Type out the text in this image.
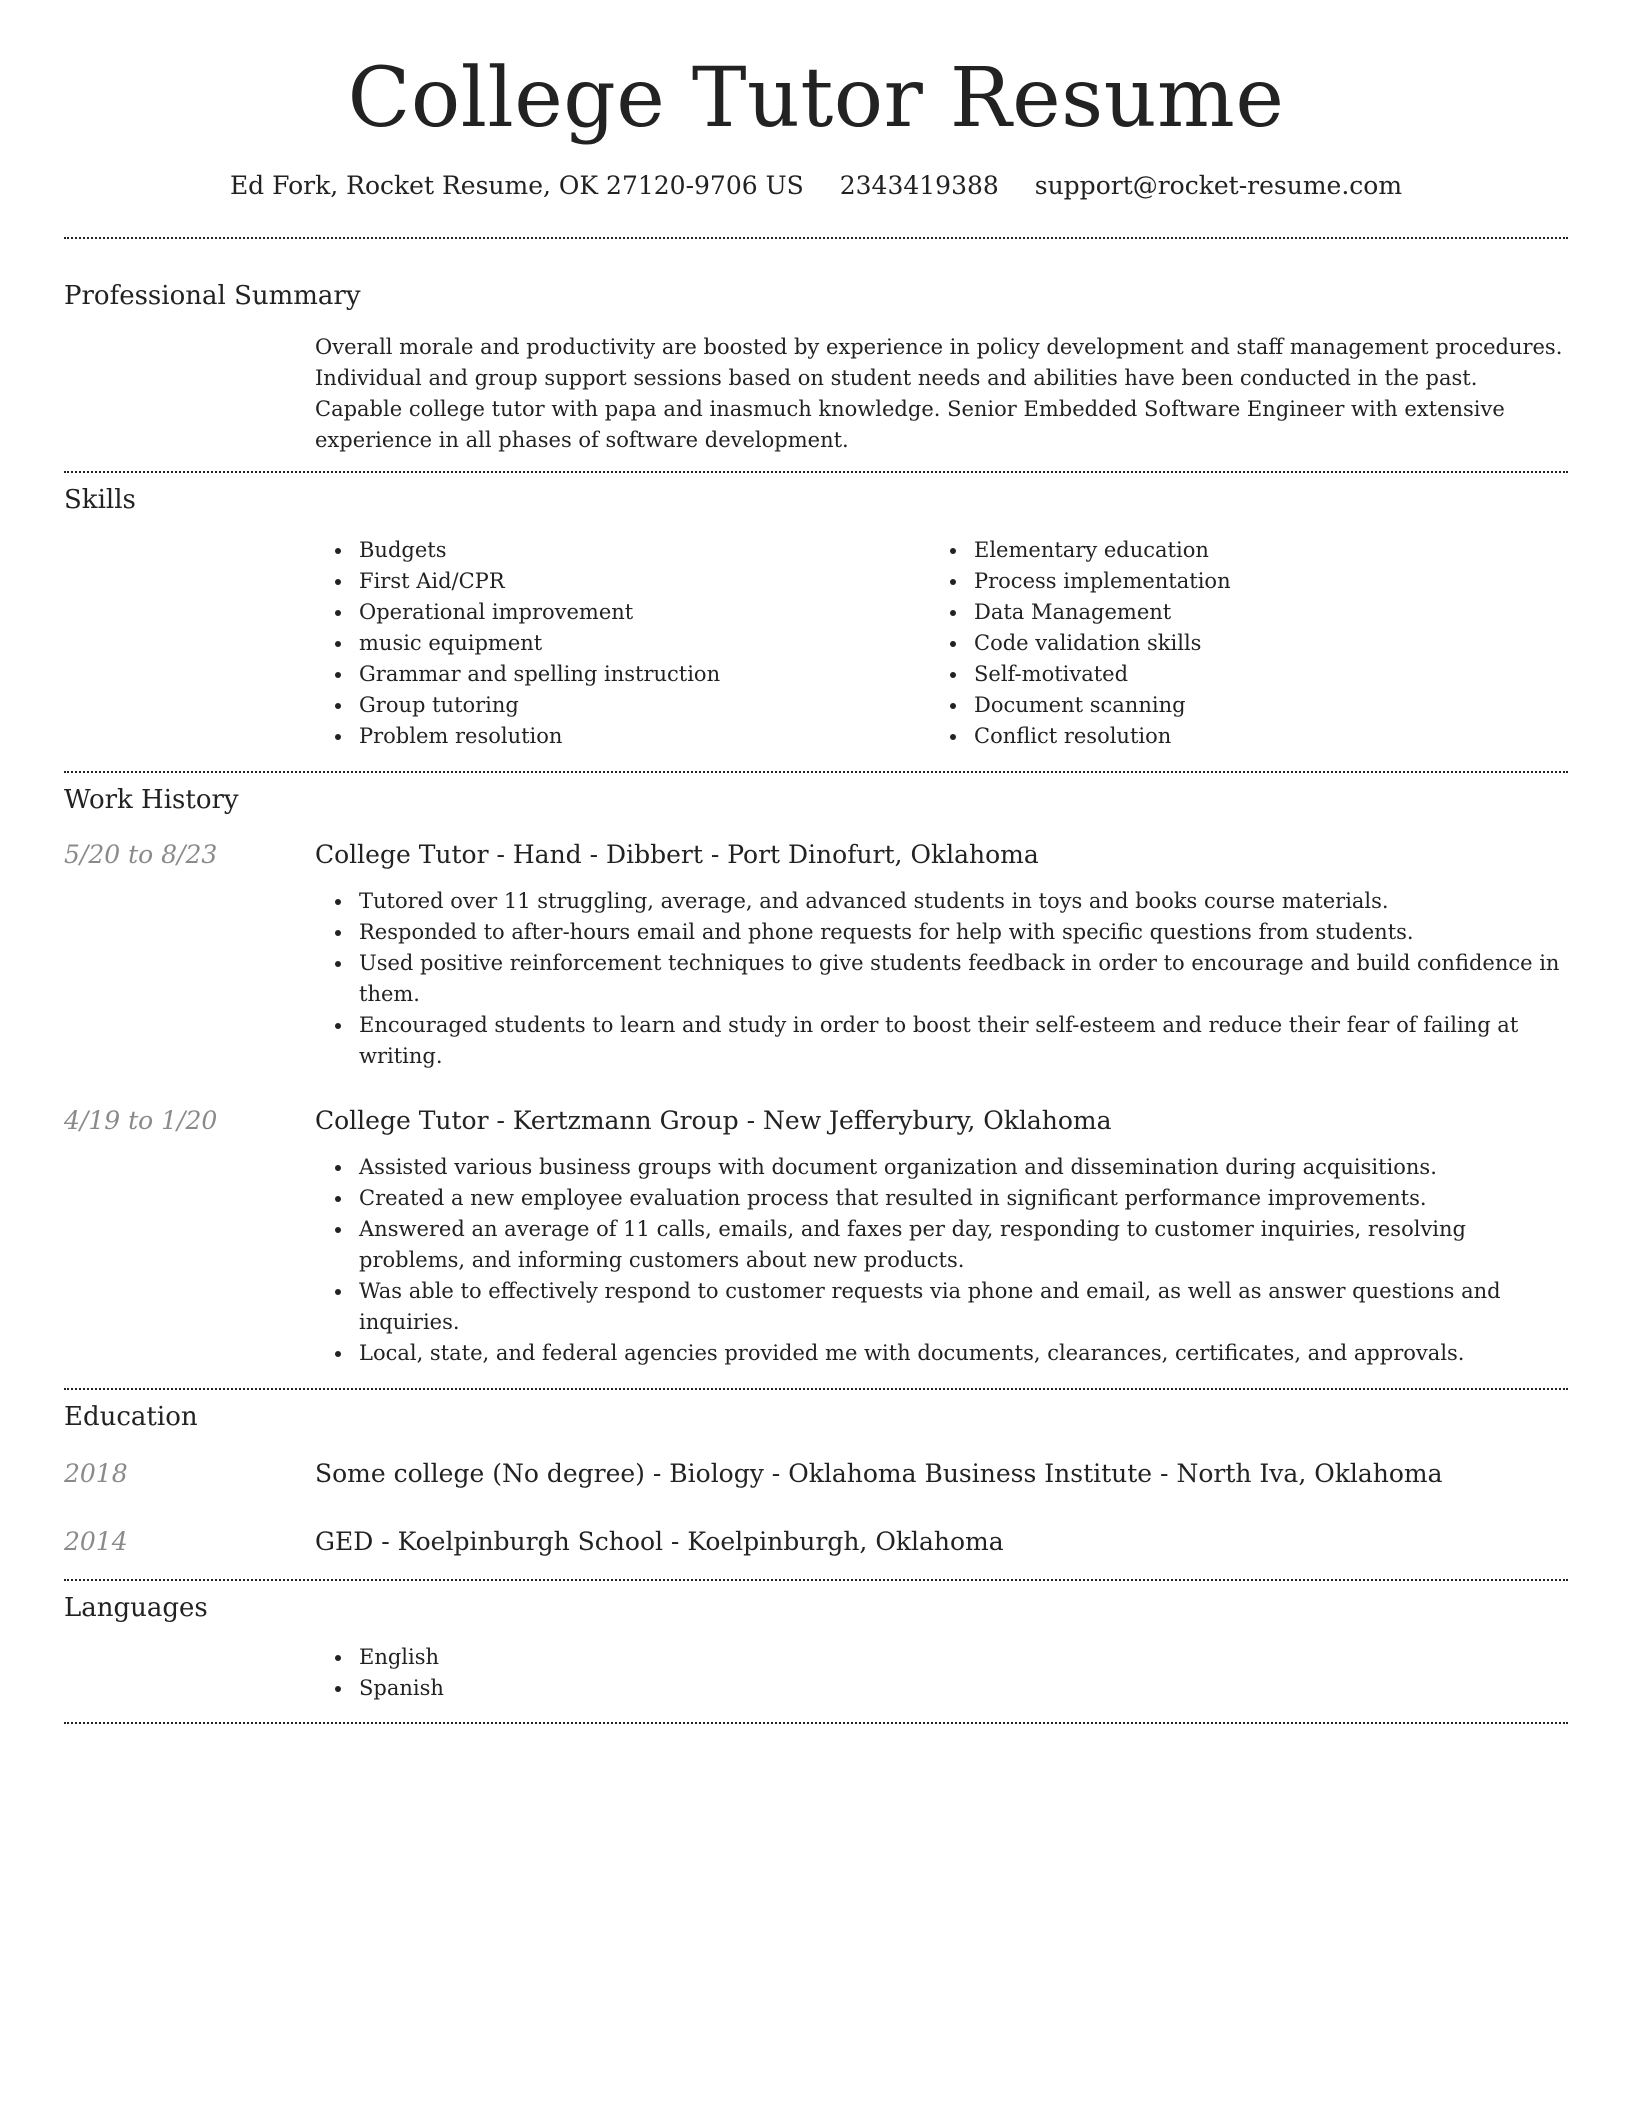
College Tutor Resume
Ed Fork, Rocket Resume, OK 27120-9706 US 2343419388 support@rocket-resume.com
Professional Summary

Overall morale and productivity are boosted by experience in policy development and staff management procedures. Individual and group support sessions based on student needs and abilities have been conducted in the past. Capable college tutor with papa and inasmuch knowledge. Senior Embedded Software Engineer with extensive experience in all phases of software development.

Skills
Budgets
First Aid/CPR
Operational improvement
music equipment
Grammar and spelling instruction
Group tutoring
Problem resolution
Elementary education
Process implementation
Data Management
Code validation skills
Self-motivated
Document scanning
Conflict resolution
Work History
5/20 to 8/23	College Tutor - Hand - Dibbert - Port Dinofurt, Oklahoma
Tutored over 11 struggling, average, and advanced students in toys and books course materials.
Responded to after-hours email and phone requests for help with specific questions from students.
Used positive reinforcement techniques to give students feedback in order to encourage and build confidence in them.
Encouraged students to learn and study in order to boost their self-esteem and reduce their fear of failing at writing.
4/19 to 1/20	College Tutor - Kertzmann Group - New Jefferybury, Oklahoma
Assisted various business groups with document organization and dissemination during acquisitions.
Created a new employee evaluation process that resulted in significant performance improvements.
Answered an average of 11 calls, emails, and faxes per day, responding to customer inquiries, resolving problems, and informing customers about new products.
Was able to effectively respond to customer requests via phone and email, as well as answer questions and inquiries.
Local, state, and federal agencies provided me with documents, clearances, certificates, and approvals.
Education
2018	Some college (No degree) - Biology - Oklahoma Business Institute - North Iva, Oklahoma
2014	GED - Koelpinburgh School - Koelpinburgh, Oklahoma
Languages
English
Spanish
